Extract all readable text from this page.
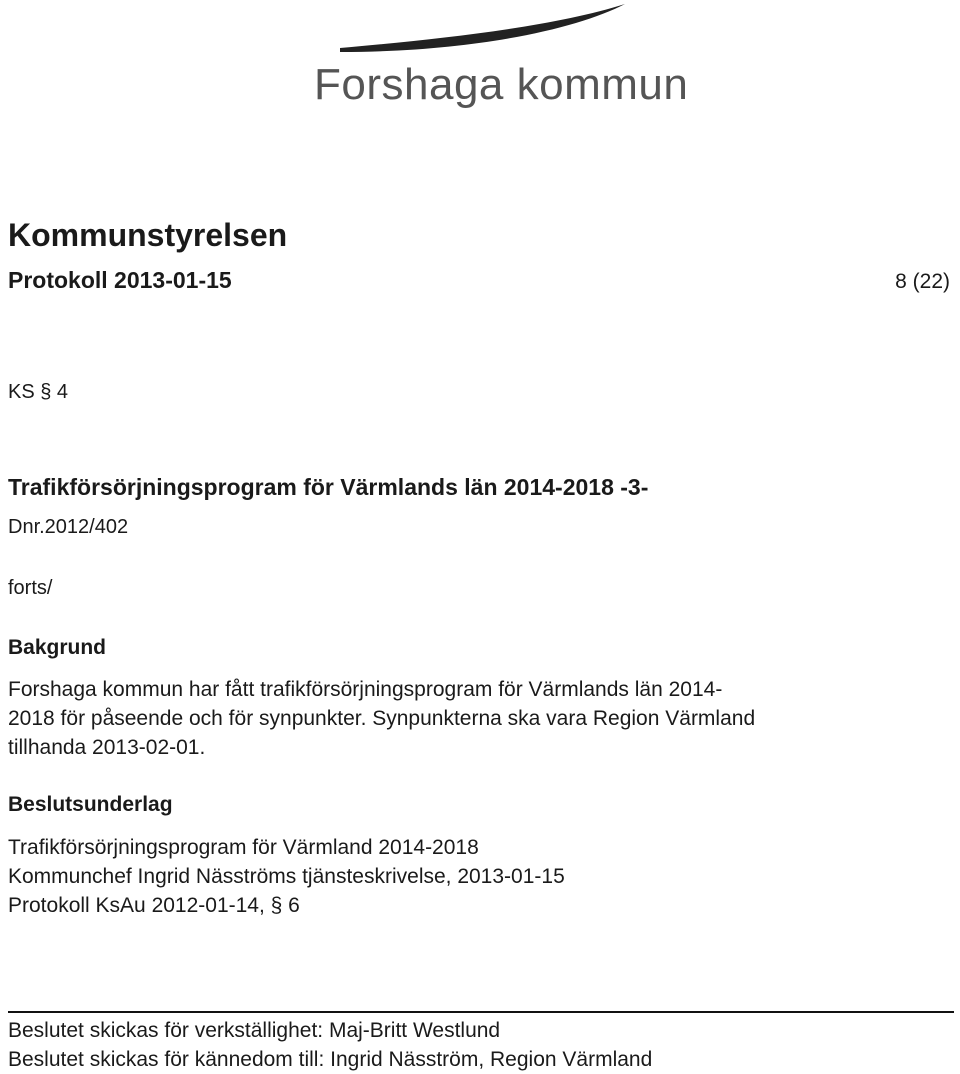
Forshaga kommun
Kommunstyrelsen
Protokoll 2013-01-15	8 (22)
KS § 4
Trafikförsörjningsprogram för Värmlands län 2014-2018 -3-
Dnr.2012/402
forts/
Bakgrund
Forshaga kommun har fått trafikförsörjningsprogram för Värmlands län 2014-
2018 för påseende och för synpunkter. Synpunkterna ska vara Region Värmland
tillhanda 2013-02-01.
Beslutsunderlag
Trafikförsörjningsprogram för Värmland 2014-2018
Kommunchef Ingrid Näsströms tjänsteskrivelse, 2013-01-15
Protokoll KsAu 2012-01-14, § 6
Beslutet skickas för verkställighet: Maj-Britt Westlund
Beslutet skickas för kännedom till: Ingrid Näsström, Region Värmland
